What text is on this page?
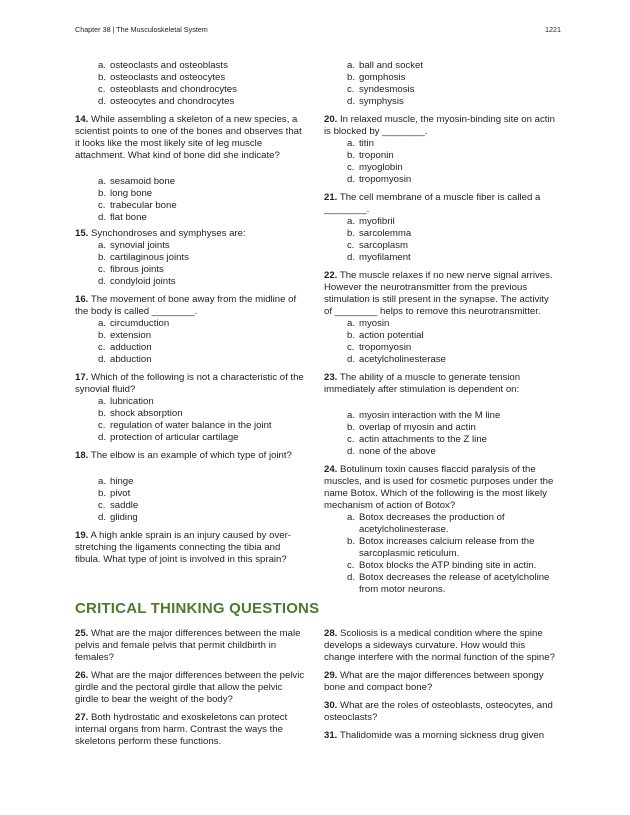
Chapter 38 | The Musculoskeletal System	1221
a. osteoclasts and osteoblasts
b. osteoclasts and osteocytes
c. osteoblasts and chondrocytes
d. osteocytes and chondrocytes

14. While assembling a skeleton of a new species, a scientist points to one of the bones and observes that it looks like the most likely site of leg muscle attachment. What kind of bone did she indicate?

a. sesamoid bone
b. long bone
c. trabecular bone
d. flat bone

15. Synchondroses and symphyses are:

a. synovial joints
b. cartilaginous joints
c. fibrous joints
d. condyloid joints

16. The movement of bone away from the midline of the body is called ________.

a. circumduction
b. extension
c. adduction
d. abduction

17. Which of the following is not a characteristic of the synovial fluid?

a. lubrication
b. shock absorption
c. regulation of water balance in the joint
d. protection of articular cartilage

18. The elbow is an example of which type of joint?

a. hinge
b. pivot
c. saddle
d. gliding

19. A high ankle sprain is an injury caused by over-stretching the ligaments connecting the tibia and fibula. What type of joint is involved in this sprain?

a. ball and socket
b. gomphosis
c. syndesmosis
d. symphysis

20. In relaxed muscle, the myosin-binding site on actin is blocked by ________.

a. titin
b. troponin
c. myoglobin
d. tropomyosin

21. The cell membrane of a muscle fiber is called a ________.

a. myofibril
b. sarcolemma
c. sarcoplasm
d. myofilament

22. The muscle relaxes if no new nerve signal arrives. However the neurotransmitter from the previous stimulation is still present in the synapse. The activity of ________ helps to remove this neurotransmitter.

a. myosin
b. action potential
c. tropomyosin
d. acetylcholinesterase

23. The ability of a muscle to generate tension immediately after stimulation is dependent on:

a. myosin interaction with the M line
b. overlap of myosin and actin
c. actin attachments to the Z line
d. none of the above

24. Botulinum toxin causes flaccid paralysis of the muscles, and is used for cosmetic purposes under the name Botox. Which of the following is the most likely mechanism of action of Botox?

a. Botox decreases the production of acetylcholinesterase.
b. Botox increases calcium release from the sarcoplasmic reticulum.
c. Botox blocks the ATP binding site in actin.
d. Botox decreases the release of acetylcholine from motor neurons.
CRITICAL THINKING QUESTIONS

25. What are the major differences between the male pelvis and female pelvis that permit childbirth in females?

26. What are the major differences between the pelvic girdle and the pectoral girdle that allow the pelvic girdle to bear the weight of the body?

27. Both hydrostatic and exoskeletons can protect internal organs from harm. Contrast the ways the skeletons perform these functions.

28. Scoliosis is a medical condition where the spine develops a sideways curvature. How would this change interfere with the normal function of the spine?

29. What are the major differences between spongy bone and compact bone?

30. What are the roles of osteoblasts, osteocytes, and osteoclasts?

31. Thalidomide was a morning sickness drug given
